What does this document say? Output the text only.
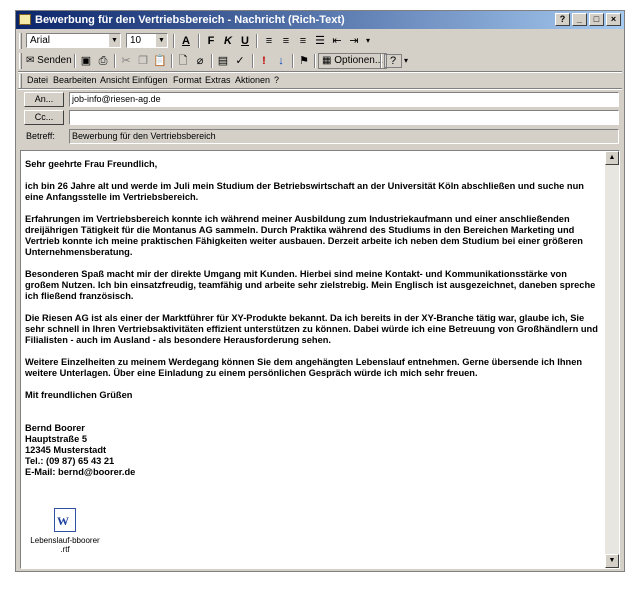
Bewerbung für den Vertriebsbereich - Nachricht (Rich-Text)	?	_	□	×
Arial	▼	10 ▼	A	F K U	≡ ≡ ≡ ☰ ⇤ ⇥ ▾
✉ Senden ▣ ⎙	✂ ❐ 📋	🗋 ⌀	▤ ✓	!	↓	⚑	▦ Optionen... ? ▾
Datei Bearbeiten Ansicht Einfügen Format Extras Aktionen ?
An...	job-info@riesen-ag.de
Cc...
Betreff:	Bewerbung für den Vertriebsbereich

Sehr geehrte Frau Freundlich,

ich bin 26 Jahre alt und werde im Juli mein Studium der Betriebswirtschaft an der Universität Köln abschließen und suche nun eine Anfangsstelle im Vertriebsbereich.

Erfahrungen im Vertriebsbereich konnte ich während meiner Ausbildung zum Industriekaufmann und einer anschließenden dreijährigen Tätigkeit für die Montanus AG sammeln. Durch Praktika während des Studiums in den Bereichen Marketing und Vertrieb konnte ich meine praktischen Fähigkeiten weiter ausbauen. Derzeit arbeite ich neben dem Studium bei einer größeren Unternehmensberatung.

Besonderen Spaß macht mir der direkte Umgang mit Kunden. Hierbei sind meine Kontakt- und Kommunikationsstärke von großem Nutzen. Ich bin einsatzfreudig, teamfähig und arbeite sehr zielstrebig. Mein Englisch ist ausgezeichnet, daneben spreche ich fließend französisch.

Die Riesen AG ist als einer der Marktführer für XY-Produkte bekannt. Da ich bereits in der XY-Branche tätig war, glaube ich, Sie sehr schnell in Ihren Vertriebsaktivitäten effizient unterstützen zu können. Dabei würde ich eine Betreuung von Großhändlern und Filialisten - auch im Ausland - als besondere Herausforderung sehen.

Weitere Einzelheiten zu meinem Werdegang können Sie dem angehängten Lebenslauf entnehmen. Gerne übersende ich Ihnen weitere Unterlagen. Über eine Einladung zu einem persönlichen Gespräch würde ich mich sehr freuen.

Mit freundlichen Grüßen

Bernd Boorer

Hauptstraße 5

12345 Musterstadt

Tel.: (09 87) 65 43 21

E-Mail: bernd@boorer.de

W
Lebenslauf-bboorer
.rtf
▲
▼
